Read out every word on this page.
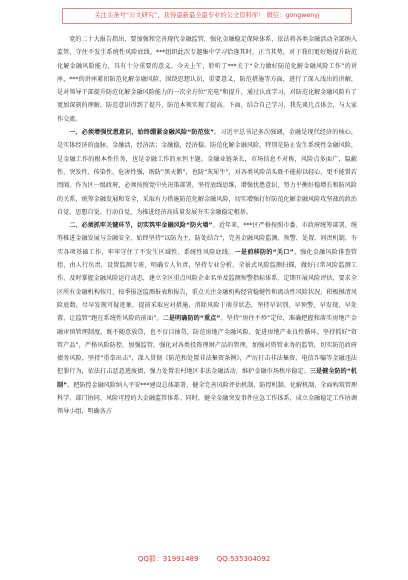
关注头条号“公文研究”，获得最新最全最专业的公文资料库！ 微信：gongwenyj

党的二十大报告指出，要加强和完善现代金融监管，强化金融稳定保障体系，依法将各类金融活动全部纳入监管，守住不发生系统性风险底线。***组织此次专题集中学习恰逢其时、正当其势，对于我们更好地提升防范化解金融风险能力，具有十分重要的意义。今天上午，聆听了***关于“全力做好防范化解金融风险工作”的讲座，***的讲座紧扣防范化解金融风险，围绕思想认识、重要意义、防范措施等方面，进行了深入浅出的讲解，是对领导干部提升防范化解金融风险能力的一次全方位“充电”和提升，通过认真学习，对防范化解金融风险有了更加深刻的理解，防范意识得到了提升，防范本领实现了提高。下面，结合自己学习，我先谈几点体会，与大家作交流。

一、必须增强忧患意识，始终绷紧金融风险“防范弦”。习近平总书记多次强调，金融是现代经济的核心，是实体经济的血脉。金融活，经济活；金融稳，经济稳。防范化解金融风险，特别是防止发生系统性金融风险，是金融工作的根本性任务，也是金融工作的永恒主题。金融业链条长，市场信息不对称，风险点多面广，隐蔽性、突发性、传染性、危害性强，既防“黑天鹅”，也防“灰犀牛”，对各类风险苗头既不能掉以轻心，更不能置若罔闻。作为区一级政府，必须按照党中央决策部署，坚持底线思维，增强忧患意识，努力平衡好稳增长和防风险的关系，统筹金融发展和安全，采取有力措施防范化解金融风险，切实增强打好防范化解金融风险攻坚战的政治自觉、思想自觉、行动自觉，为推进经济高质量发展夯实金融稳定根基。

二、必须抓牢关键环节，切实筑牢金融风险“防火墙”。近年来，***区严格按照市委、市政府统筹部署，统筹推进金融发展与金融安全，始终坚持“以防为主，防处结合”，完善金融风险监测、预警、处置、问责机制，夯实各项基础工作，牢牢守住了不发生区域性、系统性风险底线。一是前移防的“关口”。强化金融风险排查管控，由人行负责，设置监测专班，明确专人负责，坚持专业分析、全景式风险监测扫描，做好日常风险监测工作，及时掌握金融风险运行动态，建立全区重点风险企业名单及监测预警指标体系，定期开展风险评估，要求全区所有金融机构按月、按季报送监测报表和报告，重点关注金融机构经营稳健性和流动性风险状况，积极摸清风险底数。尽早发现可疑迹象，提前采取应对措施，消除风险于萌芽状态，坚持早识别、早预警、早发现、早处置，让监管“跑在系统性风险的前面”。二是明确防的“重点”。坚持“房住不炒”定位，准确把握和落实房地产金融审慎管理制度，既不随意放贷，也不盲目抽贷，防范房地产金融风险，促进房地产业良性循环。坚持抓好“资管产品”，严格风险防控，加强监管，强化对各类投资理财产品的管理，加强对资管业务的监管，切实防范政府债务风险，坚持“重拳出击”，深入贯彻《防范和处置非法集资条例》，严厉打击非法集资、电信诈骗等金融违法犯罪行为，依法打击恶意逃废债，强力处置农村地区非法金融活动，维护金融市场秩序稳定。三是健全防的“机制”。把防控金融风险纳入平安***建设总体部署，健全完善风险评估机制、防控机制、化解机制，全面构筑管理科学、部门协同、风险可控的大金融监管体系。同时，健全金融突发事件应急工作体系，成立金融稳定工作协调领导小组，明确各方

QQ群：31991489	QQ:535304092
